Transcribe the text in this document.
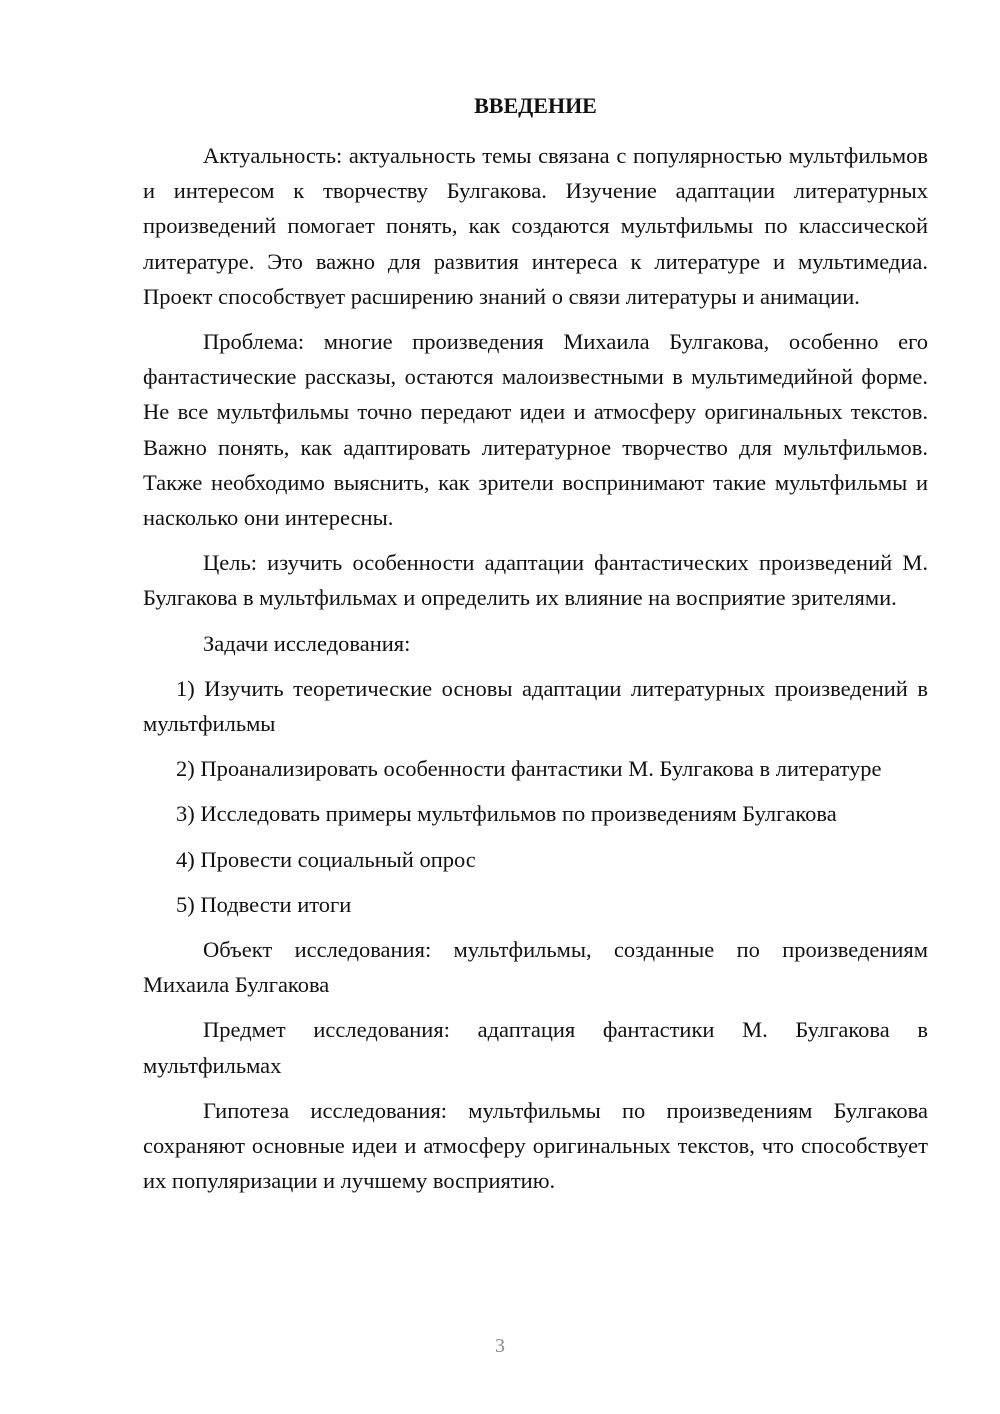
ВВЕДЕНИЕ

Актуальность: актуальность темы связана с популярностью мультфильмов и интересом к творчеству Булгакова. Изучение адаптации литературных произведений помогает понять, как создаются мультфильмы по классической литературе. Это важно для развития интереса к литературе и мультимедиа. Проект способствует расширению знаний о связи литературы и анимации.

Проблема: многие произведения Михаила Булгакова, особенно его фантастические рассказы, остаются малоизвестными в мультимедийной форме. Не все мультфильмы точно передают идеи и атмосферу оригинальных текстов. Важно понять, как адаптировать литературное творчество для мультфильмов. Также необходимо выяснить, как зрители воспринимают такие мультфильмы и насколько они интересны.

Цель: изучить особенности адаптации фантастических произведений М. Булгакова в мультфильмах и определить их влияние на восприятие зрителями.

Задачи исследования:

1) Изучить теоретические основы адаптации литературных произведений в мультфильмы

2) Проанализировать особенности фантастики М. Булгакова в литературе

3) Исследовать примеры мультфильмов по произведениям Булгакова

4) Провести социальный опрос

5) Подвести итоги

Объект исследования: мультфильмы, созданные по произведениям Михаила Булгакова

Предмет исследования: адаптация фантастики М. Булгакова в мультфильмах

Гипотеза исследования: мультфильмы по произведениям Булгакова сохраняют основные идеи и атмосферу оригинальных текстов, что способствует их популяризации и лучшему восприятию.

3
